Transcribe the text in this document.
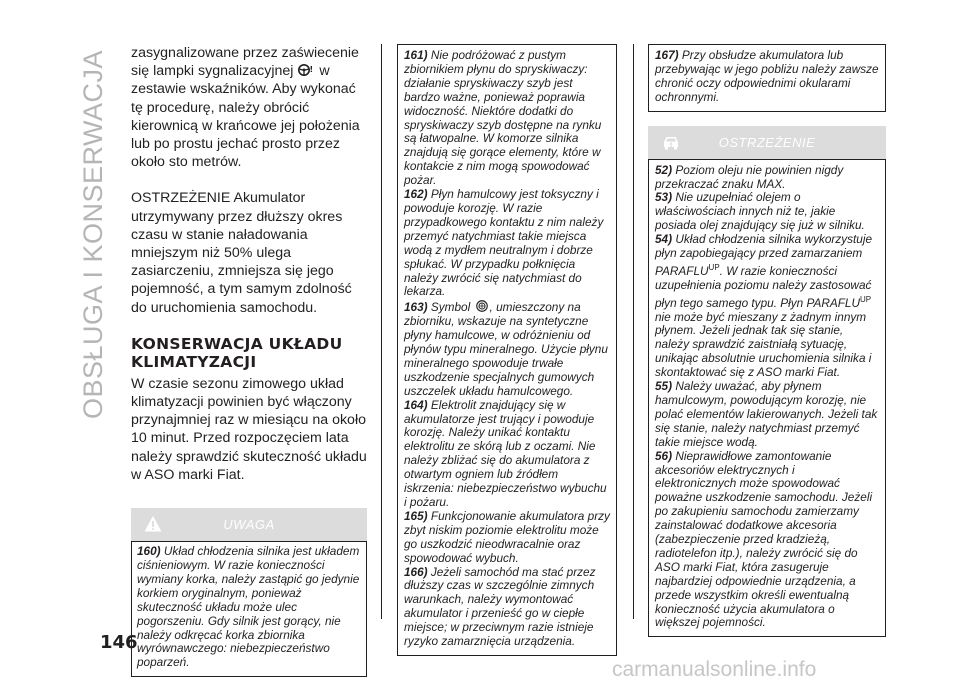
OBSŁUGA I KONSERWACJA zasygnalizowane przez zaświecenie się lampki sygnalizacyjnej ! w zestawie wskaźników. Aby wykonać tę procedurę, należy obrócić kierownicą w krańcowe jej położenia lub po prostu jechać prosto przez około sto metrów.

OSTRZEŻENIE Akumulator utrzymywany przez dłuższy okres czasu w stanie naładowania mniejszym niż 50% ulega zasiarczeniu, zmniejsza się jego pojemność, a tym samym zdolność do uruchomienia samochodu.

KONSERWACJA UKŁADU KLIMATYZACJI

W czasie sezonu zimowego układ klimatyzacji powinien być włączony przynajmniej raz w miesiącu na około 10 minut. Przed rozpoczęciem lata należy sprawdzić skuteczność układu w ASO marki Fiat.

UWAGA

160) Układ chłodzenia silnika jest układem ciśnieniowym. W razie konieczności wymiany korka, należy zastąpić go jedynie korkiem oryginalnym, ponieważ skuteczność układu może ulec pogorszeniu. Gdy silnik jest gorący, nie należy odkręcać korka zbiornika wyrównawczego: niebezpieczeństwo poparzeń.

161) Nie podróżować z pustym zbiornikiem płynu do spryskiwaczy: działanie spryskiwaczy szyb jest bardzo ważne, ponieważ poprawia widoczność. Niektóre dodatki do spryskiwaczy szyb dostępne na rynku są łatwopalne. W komorze silnika znajdują się gorące elementy, które w kontakcie z nim mogą spowodować pożar.

162) Płyn hamulcowy jest toksyczny i powoduje korozję. W razie przypadkowego kontaktu z nim należy przemyć natychmiast takie miejsca wodą z mydłem neutralnym i dobrze spłukać. W przypadku połknięcia należy zwrócić się natychmiast do lekarza.

163) Symbol , umieszczony na zbiorniku, wskazuje na syntetyczne płyny hamulcowe, w odróżnieniu od płynów typu mineralnego. Użycie płynu mineralnego spowoduje trwałe uszkodzenie specjalnych gumowych uszczelek układu hamulcowego.

164) Elektrolit znajdujący się w akumulatorze jest trujący i powoduje korozję. Należy unikać kontaktu elektrolitu ze skórą lub z oczami. Nie należy zbliżać się do akumulatora z otwartym ogniem lub źródłem iskrzenia: niebezpieczeństwo wybuchu i pożaru.

165) Funkcjonowanie akumulatora przy zbyt niskim poziomie elektrolitu może go uszkodzić nieodwracalnie oraz spowodować wybuch.

166) Jeżeli samochód ma stać przez dłuższy czas w szczególnie zimnych warunkach, należy wymontować akumulator i przenieść go w ciepłe miejsce; w przeciwnym razie istnieje ryzyko zamarznięcia urządzenia.

167) Przy obsłudze akumulatora lub przebywając w jego pobliżu należy zawsze chronić oczy odpowiednimi okularami ochronnymi.

OSTRZEŻENIE

52) Poziom oleju nie powinien nigdy przekraczać znaku MAX.

53) Nie uzupełniać olejem o właściwościach innych niż te, jakie posiada olej znajdujący się już w silniku.

54) Układ chłodzenia silnika wykorzystuje płyn zapobiegający przed zamarzaniem $PARAFLU^{UP}$. W razie konieczności uzupełnienia poziomu należy zastosować płyn tego samego typu. Płyn $PARAFLU^{UP}$ nie może być mieszany z żadnym innym płynem. Jeżeli jednak tak się stanie, należy sprawdzić zaistniałą sytuację, unikając absolutnie uruchomienia silnika i skontaktować się z ASO marki Fiat.

55) Należy uważać, aby płynem hamulcowym, powodującym korozję, nie polać elementów lakierowanych. Jeżeli tak się stanie, należy natychmiast przemyć takie miejsce wodą.

56) Nieprawidłowe zamontowanie akcesoriów elektrycznych i elektronicznych może spowodować poważne uszkodzenie samochodu. Jeżeli po zakupieniu samochodu zamierzamy zainstalować dodatkowe akcesoria (zabezpieczenie przed kradzieżą, radiotelefon itp.), należy zwrócić się do ASO marki Fiat, która zasugeruje najbardziej odpowiednie urządzenia, a przede wszystkim określi ewentualną konieczność użycia akumulatora o większej pojemności.

146
carmanualsonline.info
